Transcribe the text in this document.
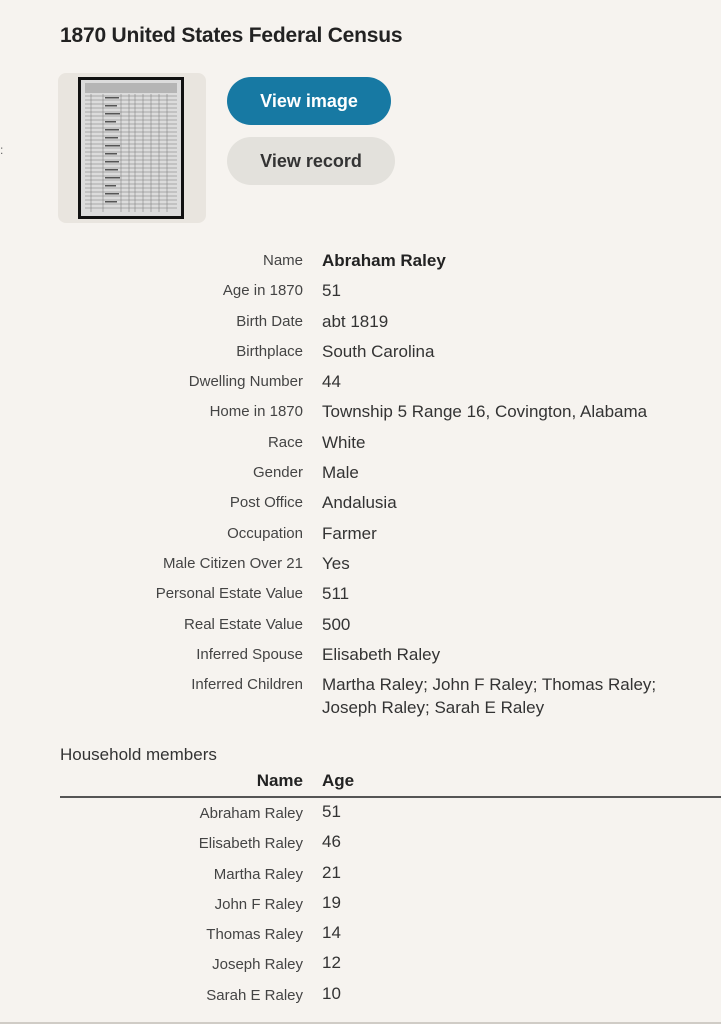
1870 United States Federal Census
:
View image
View record
Name Abraham Raley
Age in 1870 51
Birth Date abt 1819
Birthplace South Carolina
Dwelling Number 44
Home in 1870 Township 5 Range 16, Covington, Alabama
Race White
Gender Male
Post Office Andalusia
Occupation Farmer
Male Citizen Over 21 Yes
Personal Estate Value 511
Real Estate Value 500
Inferred Spouse Elisabeth Raley
Inferred Children Martha Raley; John F Raley; Thomas Raley; Joseph Raley; Sarah E Raley
Household members
Name Age
Abraham Raley 51
Elisabeth Raley 46
Martha Raley 21
John F Raley 19
Thomas Raley 14
Joseph Raley 12
Sarah E Raley 10
